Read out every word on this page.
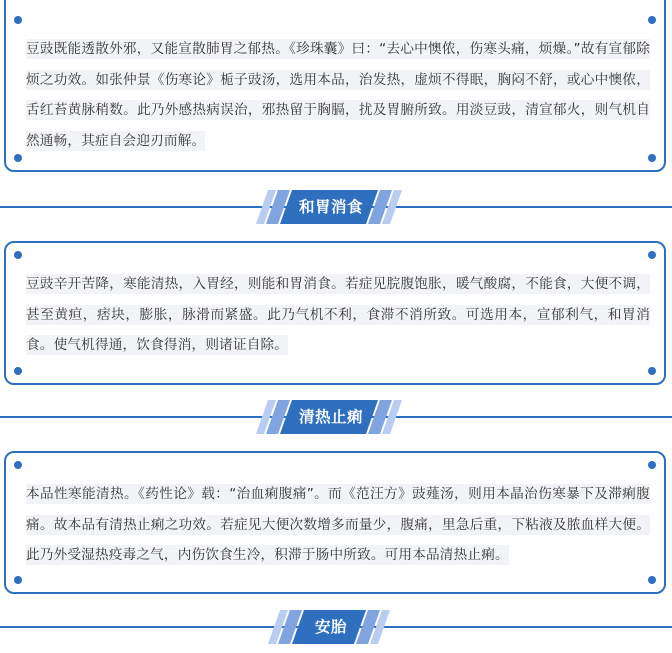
豆豉既能透散外邪，又能宣散肺胃之郁热。《珍珠囊》曰：“去心中懊侬，伤寒头痛，烦燥。”故有宣郁除烦之功效。如张仲景《伤寒论》栀子豉汤，选用本品，治发热，虚烦不得眠，胸闷不舒，或心中懊侬，舌红苔黄脉稍数。此乃外感热病误治，邪热留于胸膈，扰及胃腑所致。用淡豆豉，清宣郁火，则气机自然通畅，其症自会迎刃而解。
和胃消食
豆豉辛开苦降，寒能清热，入胃经，则能和胃消食。若症见脘腹饱胀，暖气酸腐，不能食，大便不调，甚至黄疸，痞块，膨胀，脉滑而紧盛。此乃气机不利，食滞不消所致。可选用本，宣郁利气，和胃消食。使气机得通，饮食得消，则诸证自除。
清热止痢
本品性寒能清热。《药性论》载：“治血痢腹痛”。而《范汪方》豉薤汤，则用本晶治伤寒暴下及滞痢腹痛。故本品有清热止痢之功效。若症见大便次数增多而量少，腹痛，里急后重，下粘液及脓血样大便。此乃外受湿热疫毒之气，内伤饮食生冷，积滞于肠中所致。可用本品清热止痢。
安胎
